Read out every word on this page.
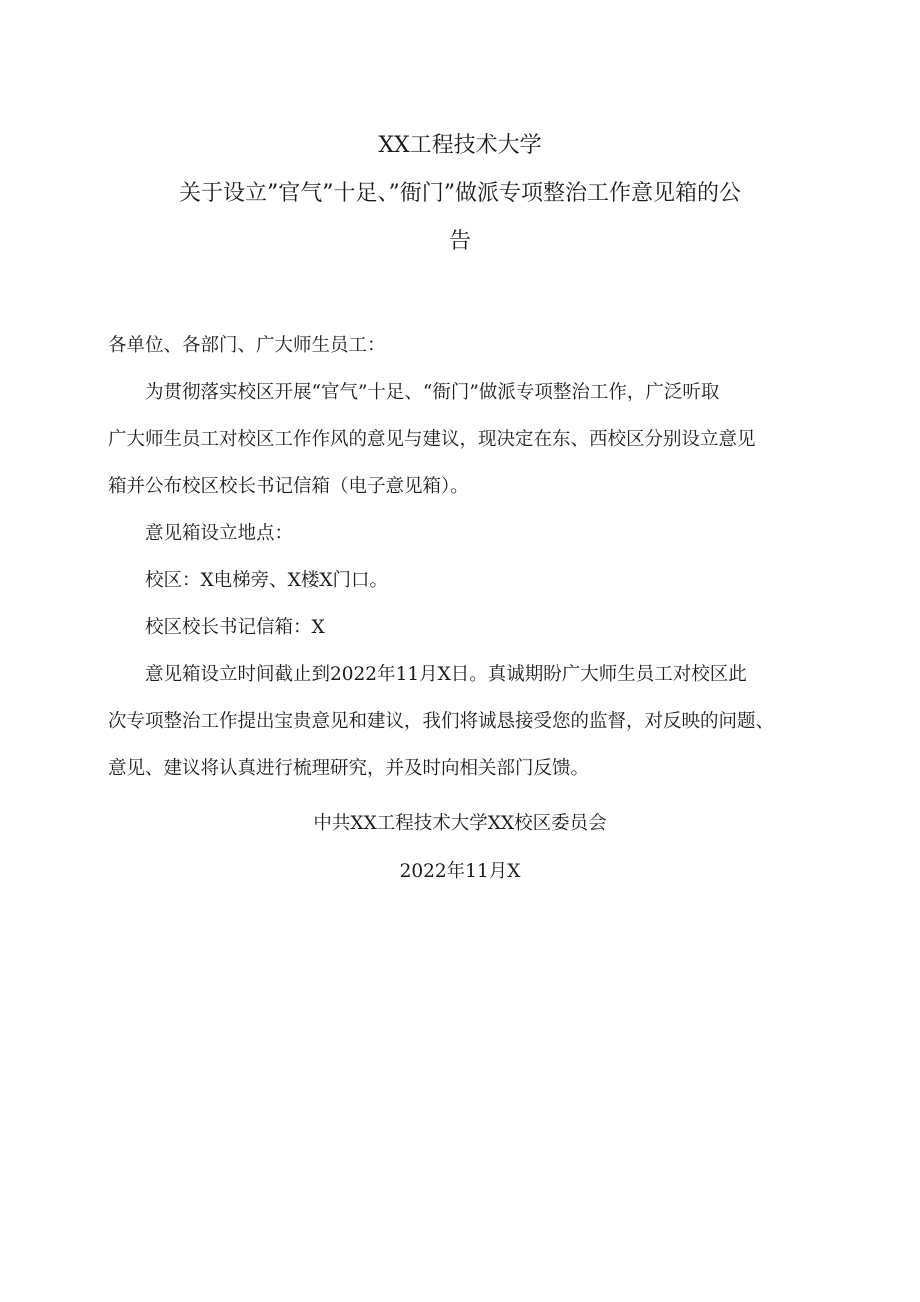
XX工程技术大学
关于设立”官气”十足、”衙门”做派专项整治工作意见箱的公
告
各单位、各部门、广大师生员工：
为贯彻落实校区开展“官气”十足、“衙门”做派专项整治工作，广泛听取
广大师生员工对校区工作作风的意见与建议，现决定在东、西校区分别设立意见
箱并公布校区校长书记信箱（电子意见箱）。
意见箱设立地点：
校区：X电梯旁、X楼X门口。
校区校长书记信箱：X
意见箱设立时间截止到2022年11月X日。真诚期盼广大师生员工对校区此
次专项整治工作提出宝贵意见和建议，我们将诚恳接受您的监督，对反映的问题、
意见、建议将认真进行梳理研究，并及时向相关部门反馈。
中共XX工程技术大学XX校区委员会
2022年11月X
